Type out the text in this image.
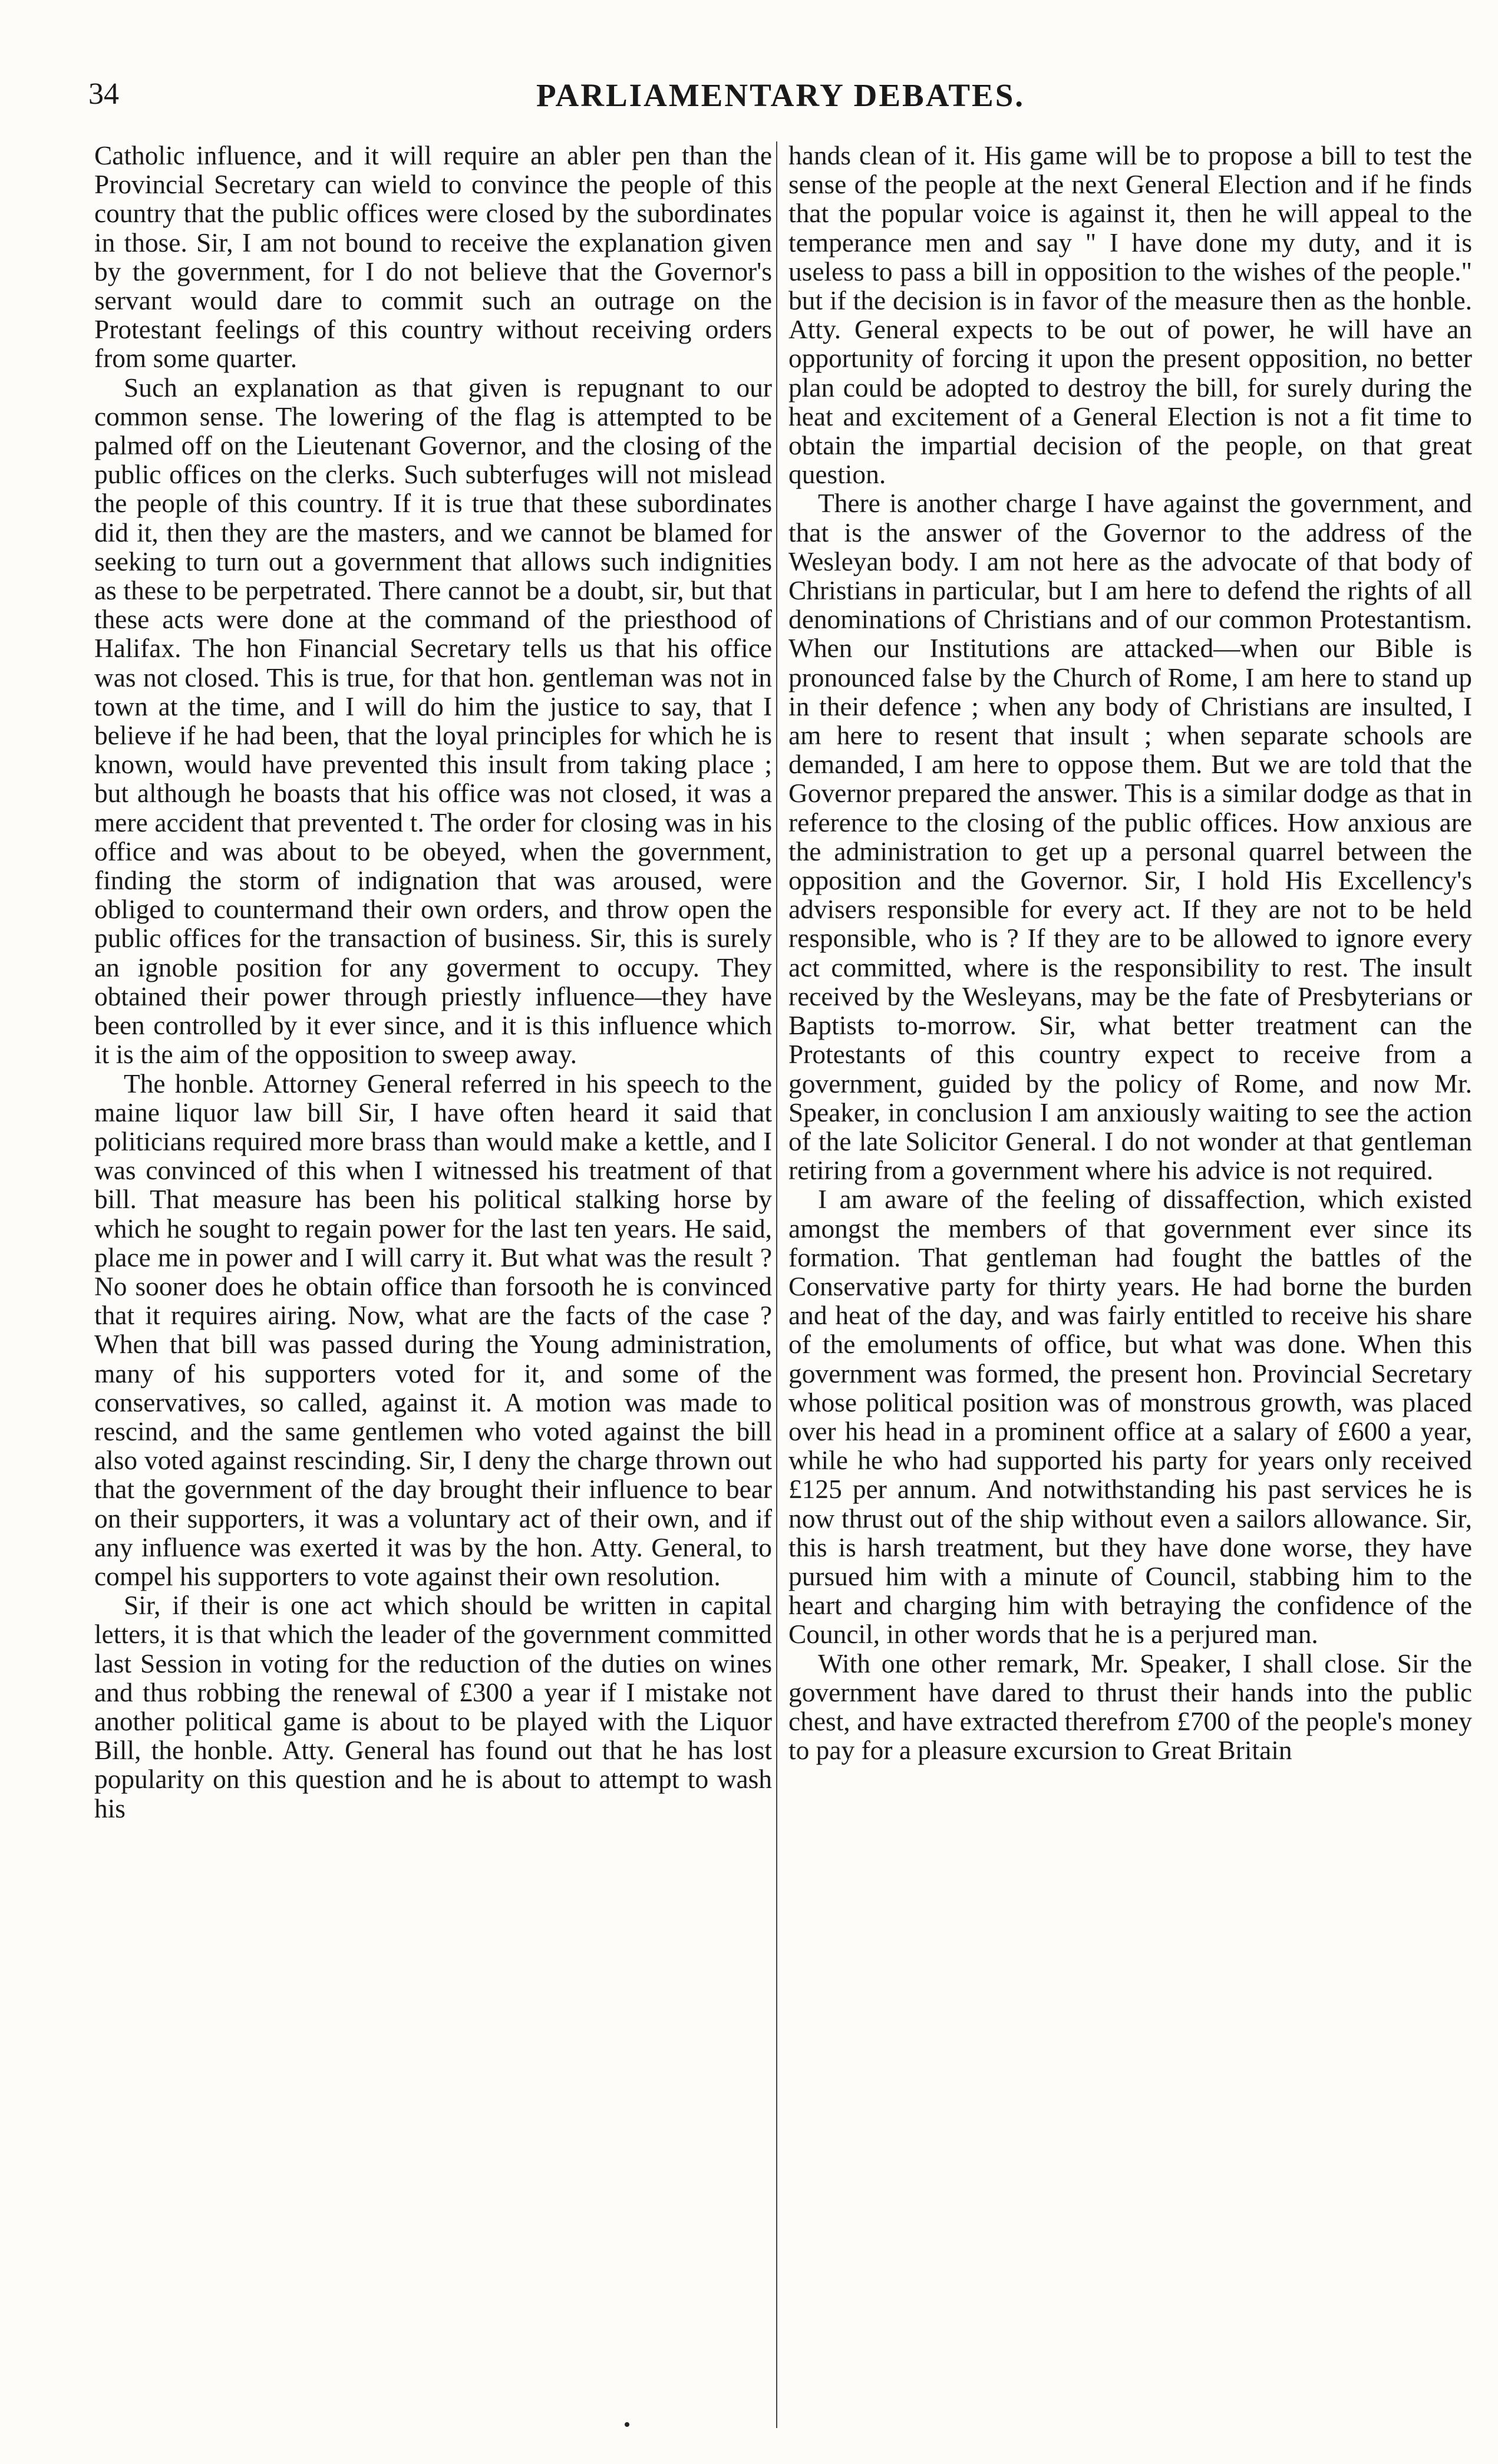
34	PARLIAMENTARY DEBATES.

Catholic influence, and it will require an abler pen than the Provincial Secretary can wield to convince the people of this country that the public offices were closed by the subordinates in those. Sir, I am not bound to receive the explanation given by the government, for I do not believe that the Governor's servant would dare to commit such an outrage on the Protestant feelings of this country without receiving orders from some quarter.

Such an explanation as that given is repugnant to our common sense. The lowering of the flag is attempted to be palmed off on the Lieutenant Governor, and the closing of the public offices on the clerks. Such subterfuges will not mislead the people of this country. If it is true that these subordinates did it, then they are the masters, and we cannot be blamed for seeking to turn out a government that allows such indignities as these to be perpetrated. There cannot be a doubt, sir, but that these acts were done at the command of the priesthood of Halifax. The hon Financial Secretary tells us that his office was not closed. This is true, for that hon. gentleman was not in town at the time, and I will do him the justice to say, that I believe if he had been, that the loyal principles for which he is known, would have prevented this insult from taking place ; but although he boasts that his office was not closed, it was a mere accident that prevented t. The order for closing was in his office and was about to be obeyed, when the government, finding the storm of indignation that was aroused, were obliged to countermand their own orders, and throw open the public offices for the transaction of business. Sir, this is surely an ignoble position for any goverment to occupy. They obtained their power through priestly influence—they have been controlled by it ever since, and it is this influence which it is the aim of the opposition to sweep away.

The honble. Attorney General referred in his speech to the maine liquor law bill Sir, I have often heard it said that politicians required more brass than would make a kettle, and I was convinced of this when I witnessed his treatment of that bill. That measure has been his political stalking horse by which he sought to regain power for the last ten years. He said, place me in power and I will carry it. But what was the result ? No sooner does he obtain office than forsooth he is convinced that it requires airing. Now, what are the facts of the case ? When that bill was passed during the Young administration, many of his supporters voted for it, and some of the conservatives, so called, against it. A motion was made to rescind, and the same gentlemen who voted against the bill also voted against rescinding. Sir, I deny the charge thrown out that the government of the day brought their influence to bear on their supporters, it was a voluntary act of their own, and if any influence was exerted it was by the hon. Atty. General, to compel his supporters to vote against their own resolution.

Sir, if their is one act which should be written in capital letters, it is that which the leader of the government committed last Session in voting for the reduction of the duties on wines and thus robbing the renewal of £300 a year if I mistake not another political game is about to be played with the Liquor Bill, the honble. Atty. General has found out that he has lost popularity on this question and he is about to attempt to wash his

hands clean of it. His game will be to propose a bill to test the sense of the people at the next General Election and if he finds that the popular voice is against it, then he will appeal to the temperance men and say " I have done my duty, and it is useless to pass a bill in opposition to the wishes of the people." but if the decision is in favor of the measure then as the honble. Atty. General expects to be out of power, he will have an opportunity of forcing it upon the present opposition, no better plan could be adopted to destroy the bill, for surely during the heat and excitement of a General Election is not a fit time to obtain the impartial decision of the people, on that great question.

There is another charge I have against the government, and that is the answer of the Governor to the address of the Wesleyan body. I am not here as the advocate of that body of Christians in particular, but I am here to defend the rights of all denominations of Christians and of our common Protestantism. When our Institutions are attacked—when our Bible is pronounced false by the Church of Rome, I am here to stand up in their defence ; when any body of Christians are insulted, I am here to resent that insult ; when separate schools are demanded, I am here to oppose them. But we are told that the Governor prepared the answer. This is a similar dodge as that in reference to the closing of the public offices. How anxious are the administration to get up a personal quarrel between the opposition and the Governor. Sir, I hold His Excellency's advisers responsible for every act. If they are not to be held responsible, who is ? If they are to be allowed to ignore every act committed, where is the responsibility to rest. The insult received by the Wesleyans, may be the fate of Presbyterians or Baptists to-morrow. Sir, what better treatment can the Protestants of this country expect to receive from a government, guided by the policy of Rome, and now Mr. Speaker, in conclusion I am anxiously waiting to see the action of the late Solicitor General. I do not wonder at that gentleman retiring from a government where his advice is not required.

I am aware of the feeling of dissaffection, which existed amongst the members of that government ever since its formation. That gentleman had fought the battles of the Conservative party for thirty years. He had borne the burden and heat of the day, and was fairly entitled to receive his share of the emoluments of office, but what was done. When this government was formed, the present hon. Provincial Secretary whose political position was of monstrous growth, was placed over his head in a prominent office at a salary of £600 a year, while he who had supported his party for years only received £125 per annum. And notwithstanding his past services he is now thrust out of the ship without even a sailors allowance. Sir, this is harsh treatment, but they have done worse, they have pursued him with a minute of Council, stabbing him to the heart and charging him with betraying the confidence of the Council, in other words that he is a perjured man.

With one other remark, Mr. Speaker, I shall close. Sir the government have dared to thrust their hands into the public chest, and have extracted therefrom £700 of the people's money to pay for a pleasure excursion to Great Britain
